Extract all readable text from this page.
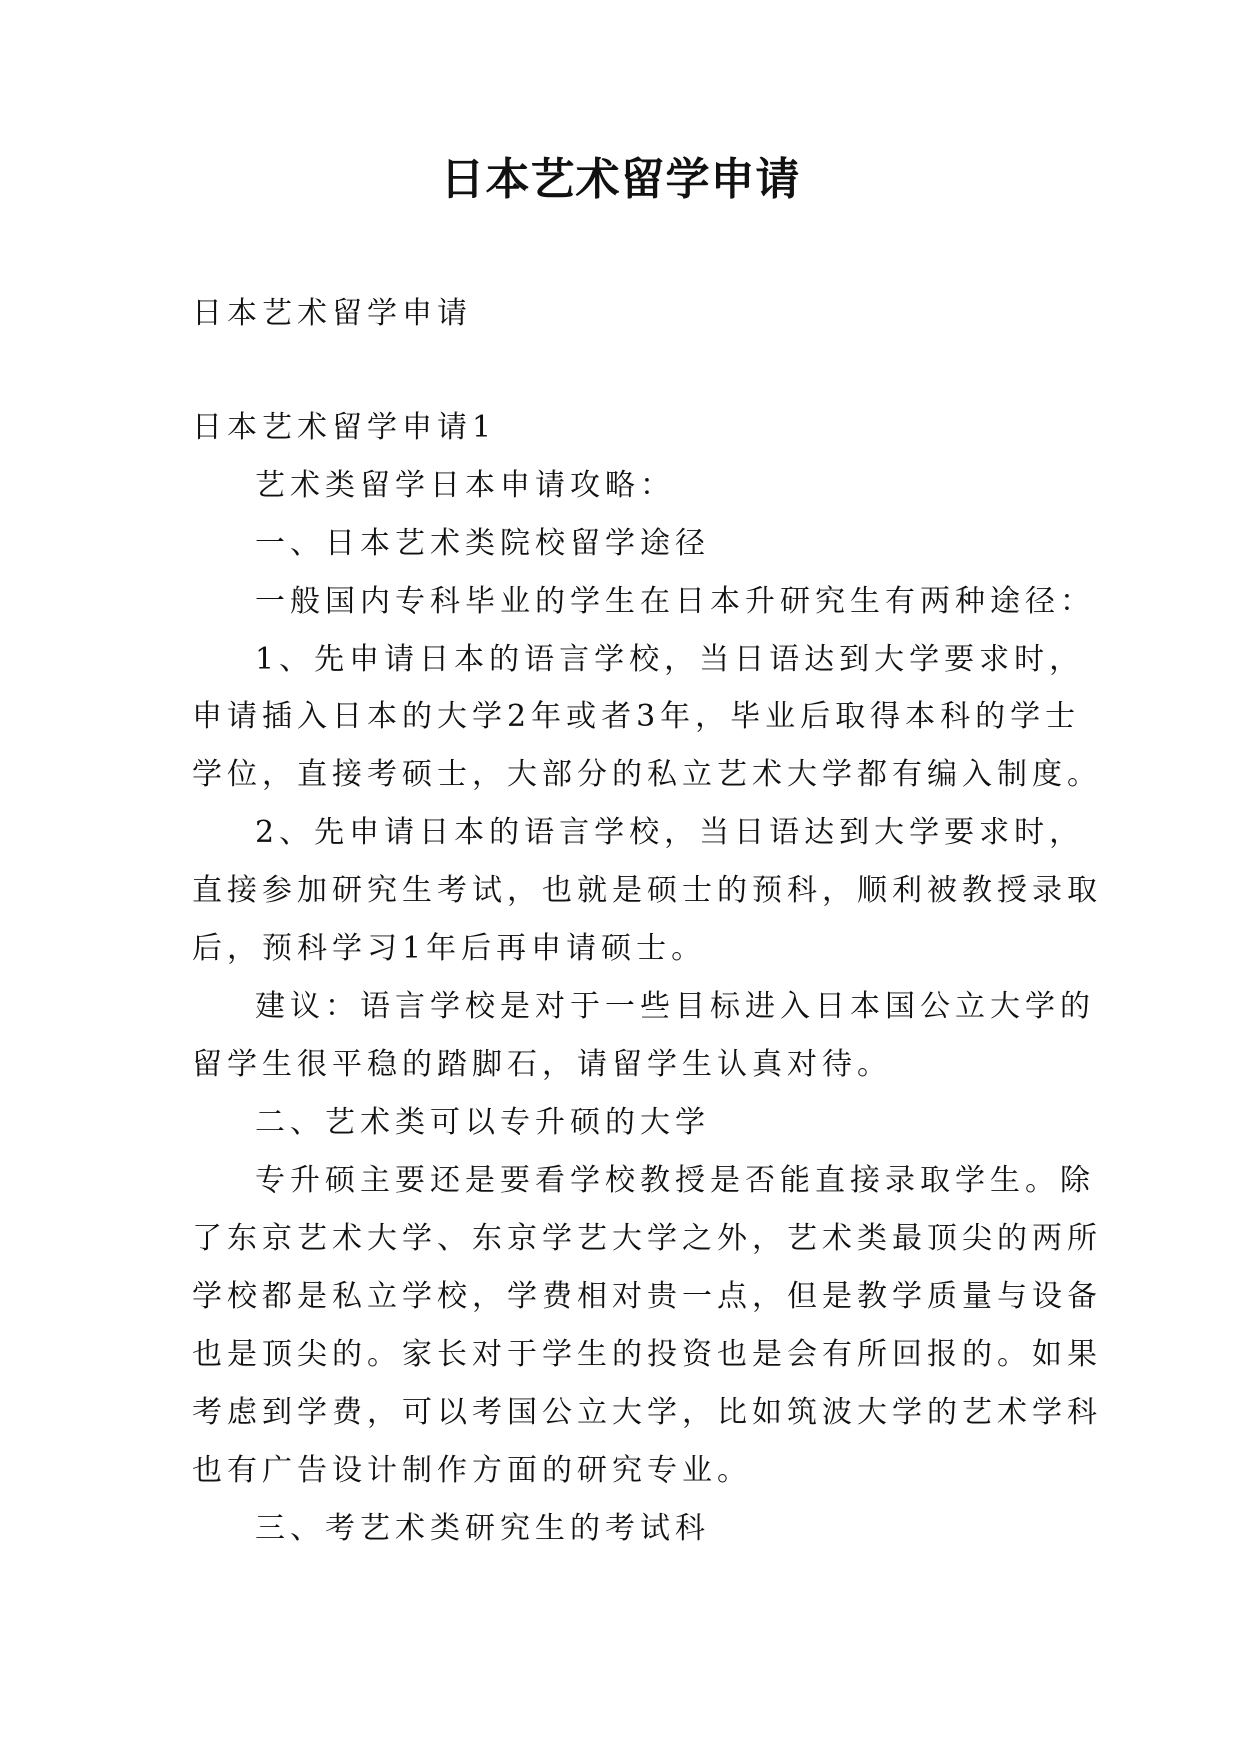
日本艺术留学申请

日本艺术留学申请

日本艺术留学申请1

艺术类留学日本申请攻略：

一、日本艺术类院校留学途径

一般国内专科毕业的学生在日本升研究生有两种途径：

1、先申请日本的语言学校，当日语达到大学要求时，

申请插入日本的大学2年或者3年，毕业后取得本科的学士

学位，直接考硕士，大部分的私立艺术大学都有编入制度。

2、先申请日本的语言学校，当日语达到大学要求时，

直接参加研究生考试，也就是硕士的预科，顺利被教授录取

后，预科学习1年后再申请硕士。

建议：语言学校是对于一些目标进入日本国公立大学的

留学生很平稳的踏脚石，请留学生认真对待。

二、艺术类可以专升硕的大学

专升硕主要还是要看学校教授是否能直接录取学生。除

了东京艺术大学、东京学艺大学之外，艺术类最顶尖的两所

学校都是私立学校，学费相对贵一点，但是教学质量与设备

也是顶尖的。家长对于学生的投资也是会有所回报的。如果

考虑到学费，可以考国公立大学，比如筑波大学的艺术学科

也有广告设计制作方面的研究专业。

三、考艺术类研究生的考试科
